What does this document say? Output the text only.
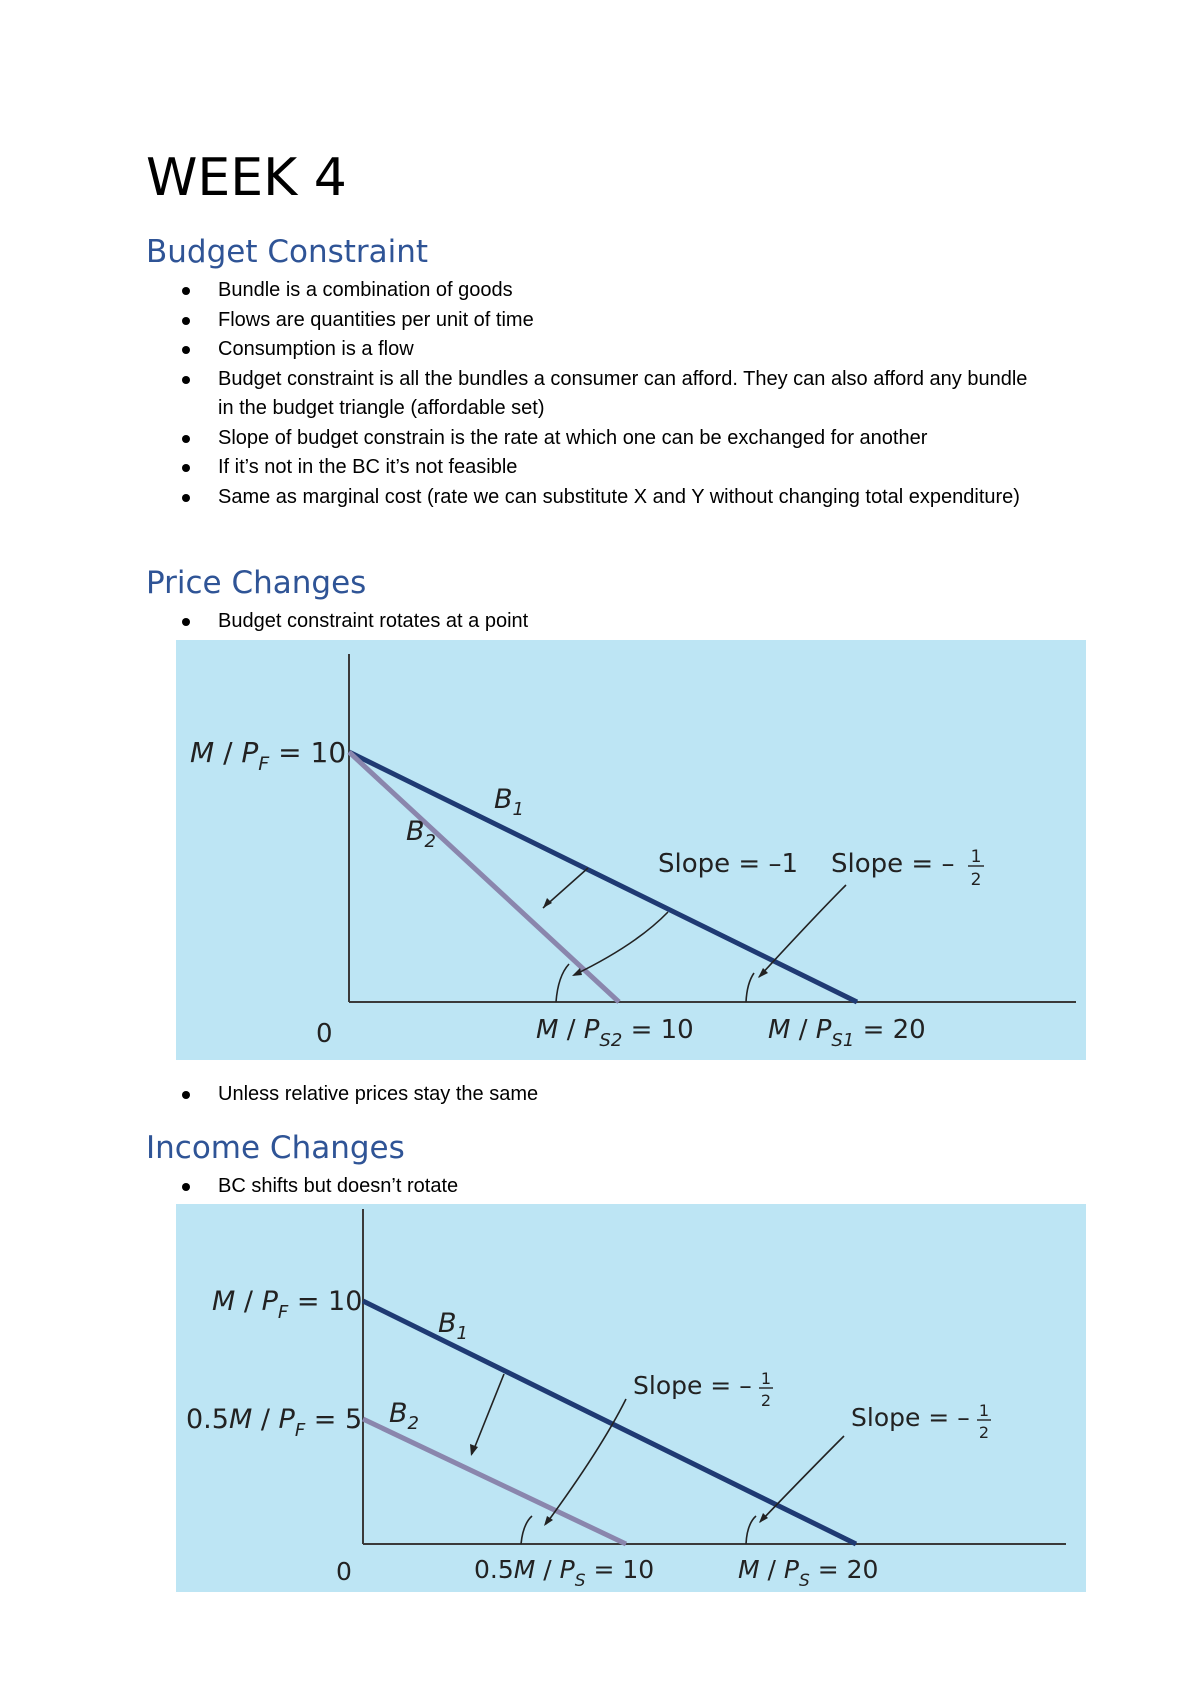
WEEK 4
Budget Constraint
Bundle is a combination of goods
Flows are quantities per unit of time
Consumption is a flow
Budget constraint is all the bundles a consumer can afford. They can also afford any bundle in the budget triangle (affordable set)
Slope of budget constrain is the rate at which one can be exchanged for another
If it’s not in the BC it’s not feasible
Same as marginal cost (rate we can substitute X and Y without changing total expenditure)
Price Changes
Budget constraint rotates at a point
$M / P_F = 10$
$B_1$
$B_2$
Slope = –1 Slope = – 1
2
0	$M / P_{S2} = 10$	$M / P_{S1} = 20$
Unless relative prices stay the same
Income Changes
BC shifts but doesn’t rotate
$M / P_F = 10$
$0.5M / P_F = 5$
$B_1$
$B_2$
Slope = – 1
2
Slope = – 1
2
0	$0.5M / P_S = 10$	$M / P_S = 20$
